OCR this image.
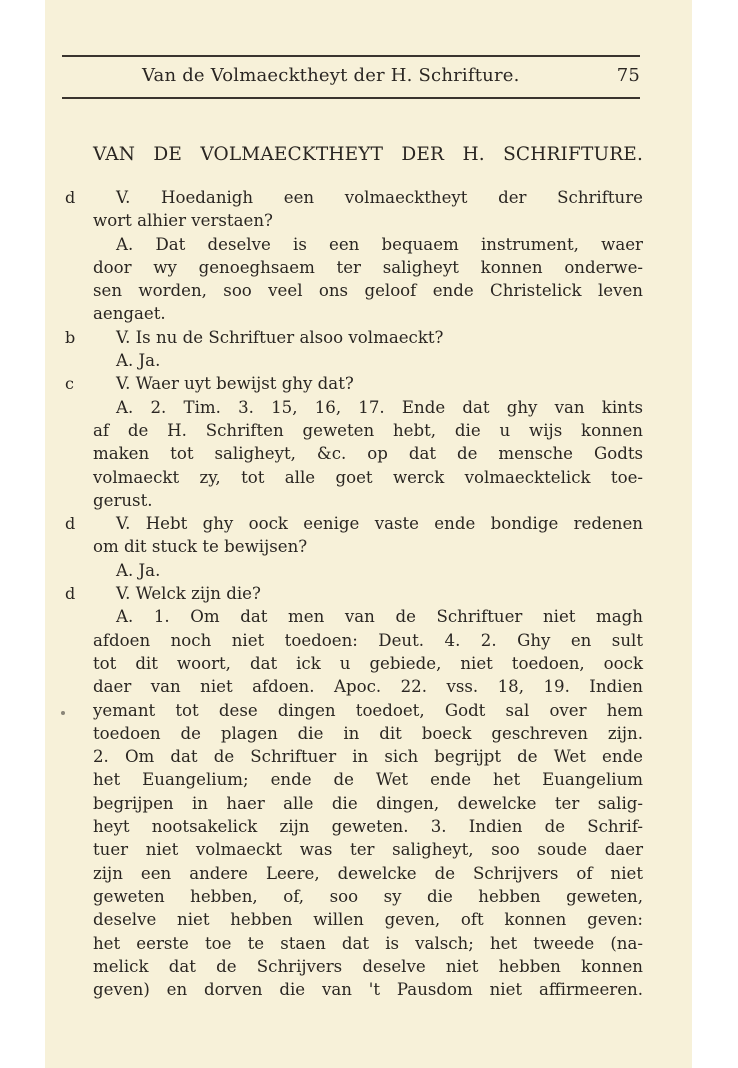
Van de Volmaecktheyt der H. Schrifture.	75
VAN DE VOLMAECKTHEYT DER H. SCHRIFTURE.
d V. Hoedanigh een volmaecktheyt der Schrifture
wort alhier verstaen?
A. Dat deselve is een bequaem instrument, waer
door wy genoeghsaem ter saligheyt konnen onderwe-
sen worden, soo veel ons geloof ende Christelick leven
aengaet.
b V. Is nu de Schriftuer alsoo volmaeckt?
A. Ja.
c	V. Waer uyt bewijst ghy dat?
A. 2. Tim. 3. 15, 16, 17. Ende dat ghy van kints
af de H. Schriften geweten hebt, die u wijs konnen
maken tot saligheyt, &c. op dat de mensche Godts
volmaeckt zy, tot alle goet werck volmaecktelick toe-
gerust.
d V. Hebt ghy oock eenige vaste ende bondige redenen
om dit stuck te bewijsen?
A. Ja.
d V. Welck zijn die?
A. 1. Om dat men van de Schriftuer niet magh
afdoen noch niet toedoen: Deut. 4. 2. Ghy en sult
tot dit woort, dat ick u gebiede, niet toedoen, oock
daer van niet afdoen. Apoc. 22. vss. 18, 19. Indien
yemant tot dese dingen toedoet, Godt sal over hem
toedoen de plagen die in dit boeck geschreven zijn.
2. Om dat de Schriftuer in sich begrijpt de Wet ende
het Euangelium; ende de Wet ende het Euangelium
begrijpen in haer alle die dingen, dewelcke ter salig-
heyt nootsakelick zijn geweten. 3. Indien de Schrif-
tuer niet volmaeckt was ter saligheyt, soo soude daer
zijn een andere Leere, dewelcke de Schrijvers of niet
geweten hebben, of, soo sy die hebben geweten,
deselve niet hebben willen geven, oft konnen geven:
het eerste toe te staen dat is valsch; het tweede (na-
melick dat de Schrijvers deselve niet hebben konnen
geven) en dorven die van 't Pausdom niet affirmeeren.
